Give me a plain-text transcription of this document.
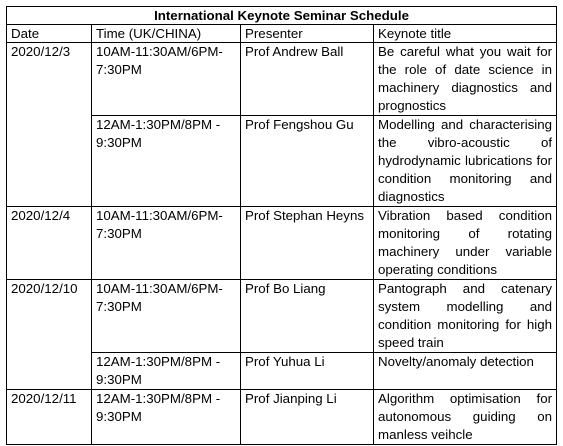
International Keynote Seminar Schedule			
Date	Time (UK/CHINA)	Presenter	Keynote title
2020/12/3	10AM-11:30AM/6PM-7:30PM	Prof Andrew Ball	Be careful what you wait for the role of date science in machinery diagnostics and prognostics
	12AM-1:30PM/8PM - 9:30PM	Prof Fengshou Gu	Modelling and characterising the vibro-acoustic of hydrodynamic lubrications for condition monitoring and diagnostics
2020/12/4	10AM-11:30AM/6PM-7:30PM	Prof Stephan Heyns	Vibration based condition monitoring of rotating machinery under variable operating conditions
2020/12/10	10AM-11:30AM/6PM-7:30PM	Prof Bo Liang	Pantograph and catenary system modelling and condition monitoring for high speed train
	12AM-1:30PM/8PM - 9:30PM	Prof Yuhua Li	Novelty/anomaly detection
2020/12/11	12AM-1:30PM/8PM - 9:30PM	Prof Jianping Li	Algorithm optimisation for autonomous guiding on manless veihcle
